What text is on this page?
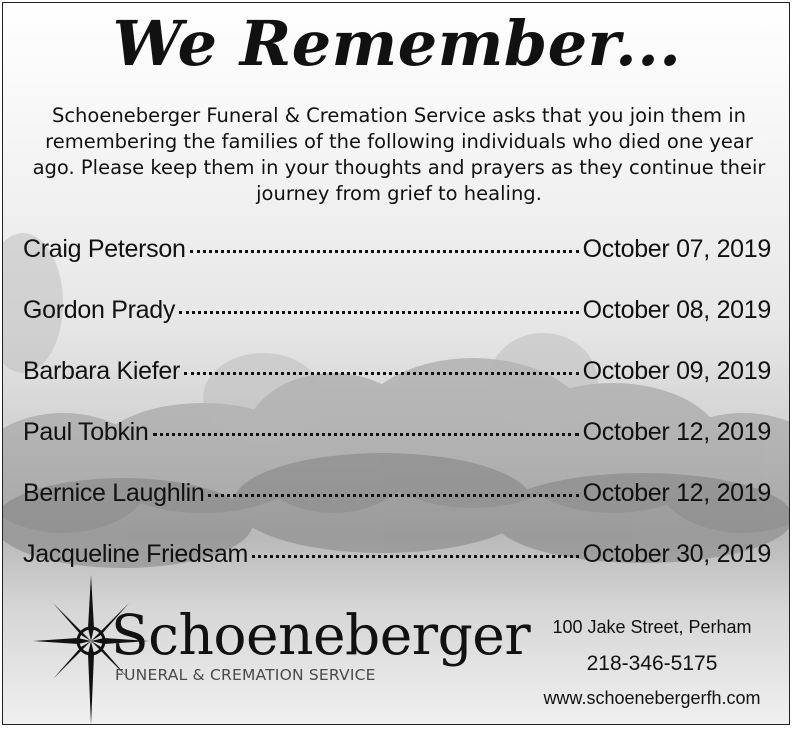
We Remember...
Schoeneberger Funeral & Cremation Service asks that you join them in remembering the families of the following individuals who died one year ago. Please keep them in your thoughts and prayers as they continue their journey from grief to healing.
Craig Peterson	October 07, 2019
Gordon Prady	October 08, 2019
Barbara Kiefer	October 09, 2019
Paul Tobkin	October 12, 2019
Bernice Laughlin	October 12, 2019
Jacqueline Friedsam	October 30, 2019
Schoeneberger
FUNERAL & CREMATION SERVICE
100 Jake Street, Perham
218-346-5175
www.schoenebergerfh.com
